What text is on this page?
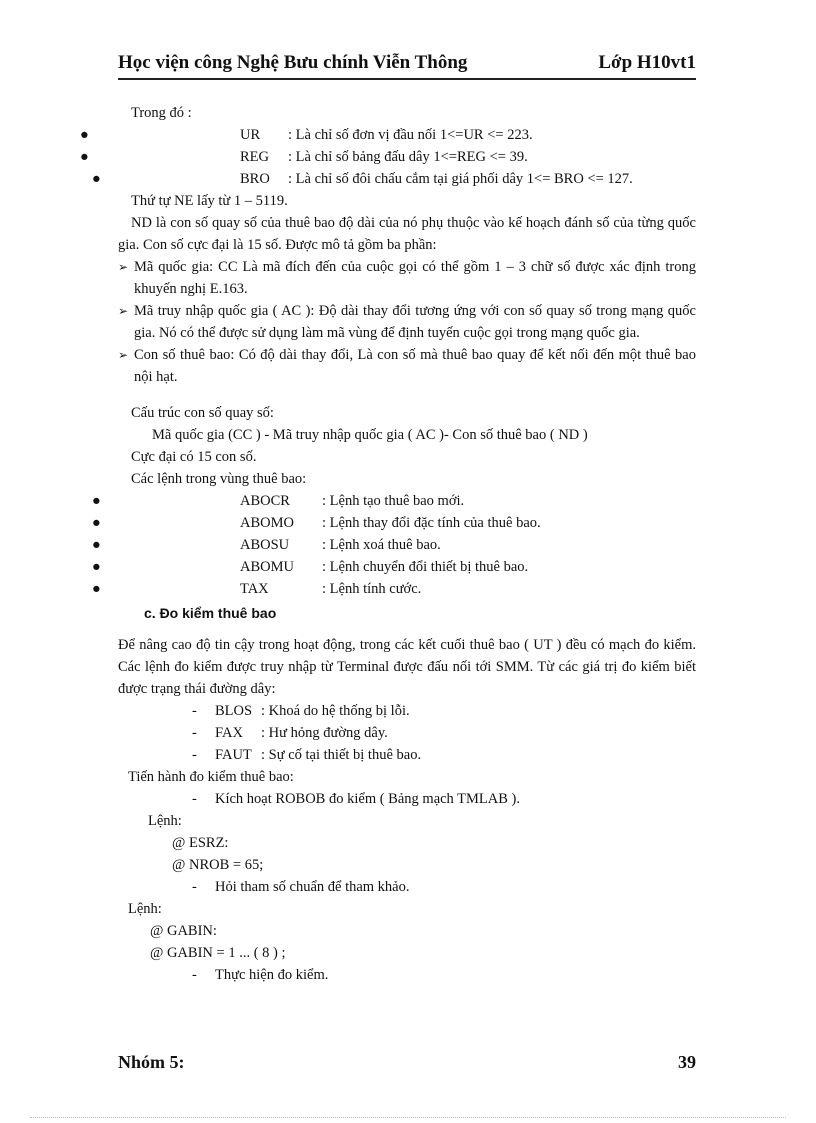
Học viện công Nghệ Bưu chính Viễn Thông	Lớp H10vt1

Trong đó :

●	UR : Là chỉ số đơn vị đầu nối 1<=UR <= 223.
●	REG : Là chỉ số bảng đấu dây 1<=REG <= 39.
●	BRO : Là chỉ số đôi chấu cắm tại giá phối dây 1<= BRO <= 127.

Thứ tự NE lấy từ 1 – 5119.

ND là con số quay số của thuê bao độ dài của nó phụ thuộc vào kế hoạch đánh số của từng quốc gia. Con số cực đại là 15 số. Được mô tả gồm ba phần:

➢ Mã quốc gia: CC Là mã đích đến của cuộc gọi có thể gồm 1 – 3 chữ số được xác định trong khuyến nghị E.163.
➢ Mã truy nhập quốc gia ( AC ): Độ dài thay đổi tương ứng với con số quay số trong mạng quốc gia. Nó có thể được sử dụng làm mã vùng để định tuyến cuộc gọi trong mạng quốc gia.
➢ Con số thuê bao: Có độ dài thay đổi, Là con số mà thuê bao quay để kết nối đến một thuê bao nội hạt.

Cấu trúc con số quay số:

Mã quốc gia (CC ) - Mã truy nhập quốc gia ( AC )- Con số thuê bao ( ND )

Cực đại có 15 con số.

Các lệnh trong vùng thuê bao:

●	ABOCR : Lệnh tạo thuê bao mới.
●	ABOMO : Lệnh thay đổi đặc tính của thuê bao.
●	ABOSU : Lệnh xoá thuê bao.
●	ABOMU : Lệnh chuyển đổi thiết bị thuê bao.
●	TAX	: Lệnh tính cước.

c. Đo kiểm thuê bao

Để nâng cao độ tin cậy trong hoạt động, trong các kết cuối thuê bao ( UT ) đều có mạch đo kiểm. Các lệnh đo kiểm được truy nhập từ Terminal được đấu nối tới SMM. Từ các giá trị đo kiểm biết được trạng thái đường dây:

- BLOS : Khoá do hệ thống bị lỗi.
- FAX : Hư hỏng đường dây.
- FAUT : Sự cố tại thiết bị thuê bao.

Tiến hành đo kiểm thuê bao:

- Kích hoạt ROBOB đo kiểm ( Bảng mạch TMLAB ).

Lệnh:

@ ESRZ:

@ NROB = 65;

- Hỏi tham số chuẩn để tham khảo.

Lệnh:

@ GABIN:

@ GABIN = 1 ... ( 8 ) ;

- Thực hiện đo kiểm.
Nhóm 5:	39
